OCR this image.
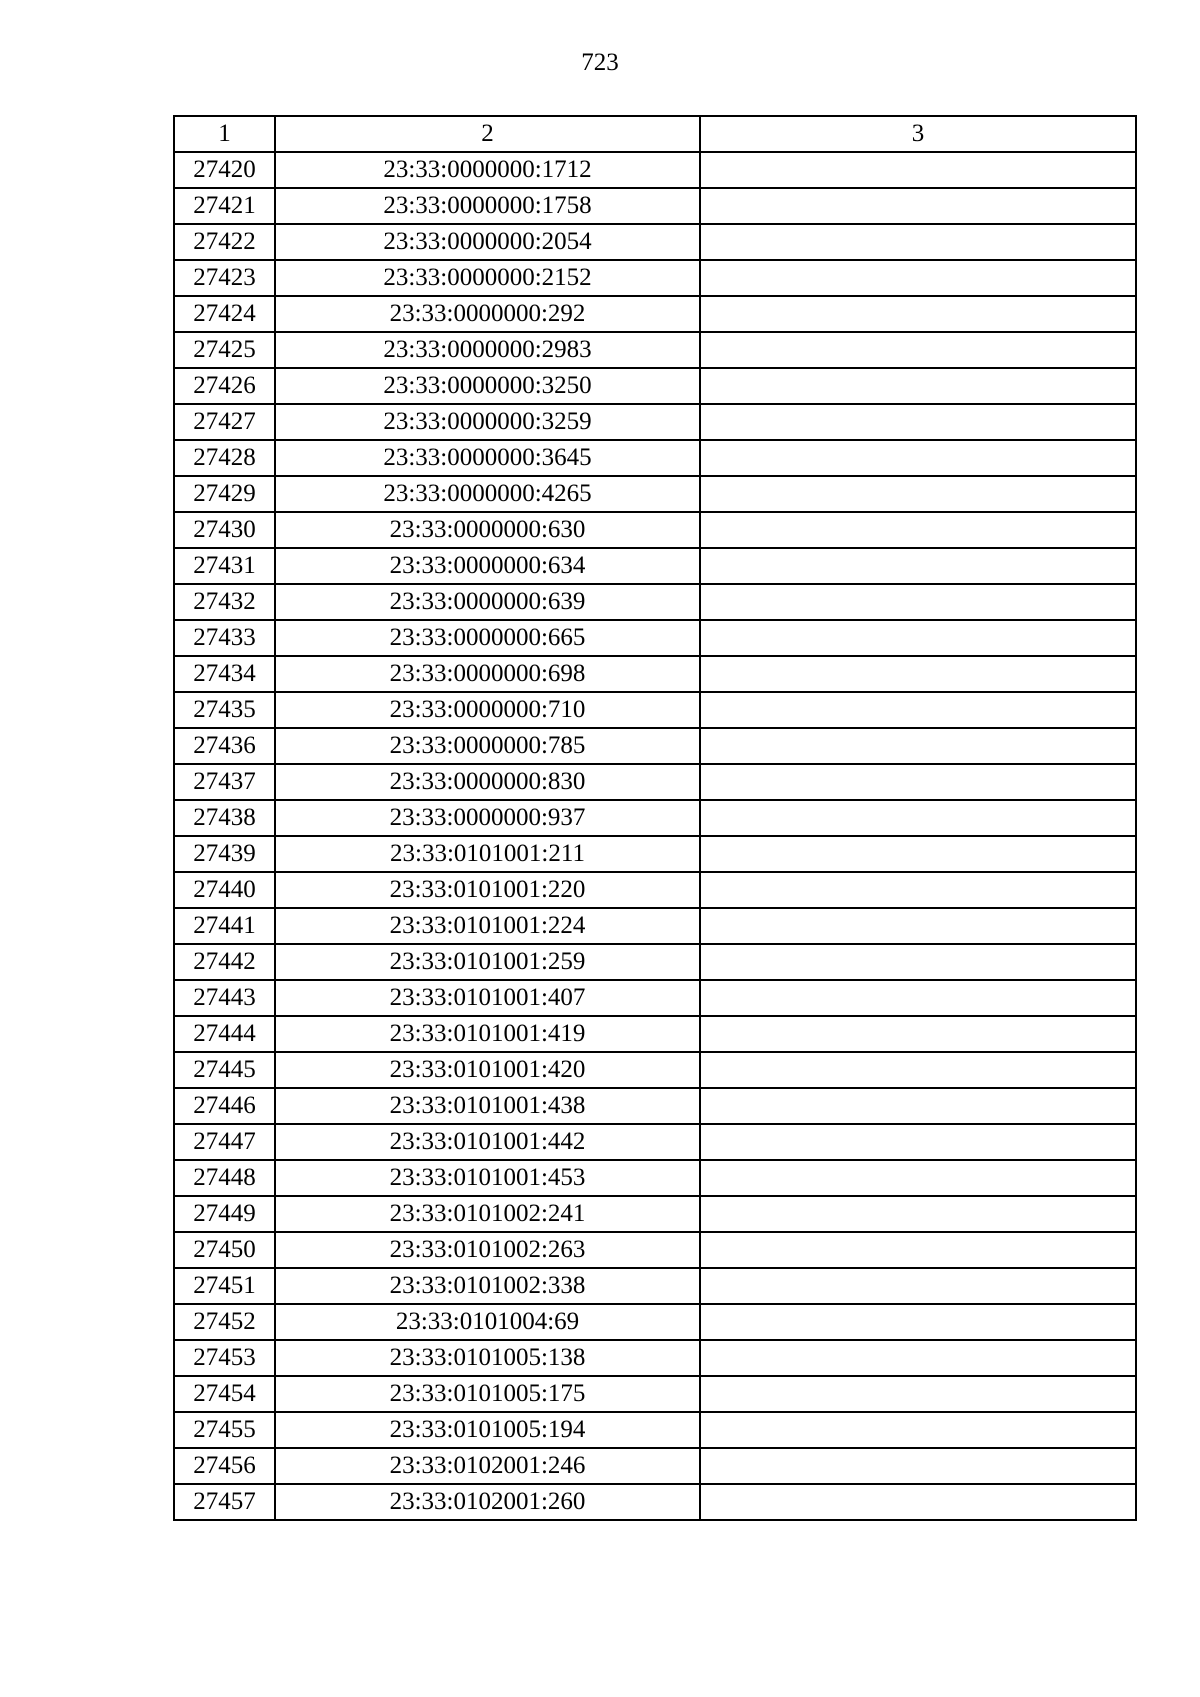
723
1	2	3
27420	23:33:0000000:1712	
27421	23:33:0000000:1758	
27422	23:33:0000000:2054	
27423	23:33:0000000:2152	
27424	23:33:0000000:292	
27425	23:33:0000000:2983	
27426	23:33:0000000:3250	
27427	23:33:0000000:3259	
27428	23:33:0000000:3645	
27429	23:33:0000000:4265	
27430	23:33:0000000:630	
27431	23:33:0000000:634	
27432	23:33:0000000:639	
27433	23:33:0000000:665	
27434	23:33:0000000:698	
27435	23:33:0000000:710	
27436	23:33:0000000:785	
27437	23:33:0000000:830	
27438	23:33:0000000:937	
27439	23:33:0101001:211	
27440	23:33:0101001:220	
27441	23:33:0101001:224	
27442	23:33:0101001:259	
27443	23:33:0101001:407	
27444	23:33:0101001:419	
27445	23:33:0101001:420	
27446	23:33:0101001:438	
27447	23:33:0101001:442	
27448	23:33:0101001:453	
27449	23:33:0101002:241	
27450	23:33:0101002:263	
27451	23:33:0101002:338	
27452	23:33:0101004:69	
27453	23:33:0101005:138	
27454	23:33:0101005:175	
27455	23:33:0101005:194	
27456	23:33:0102001:246	
27457	23:33:0102001:260	
